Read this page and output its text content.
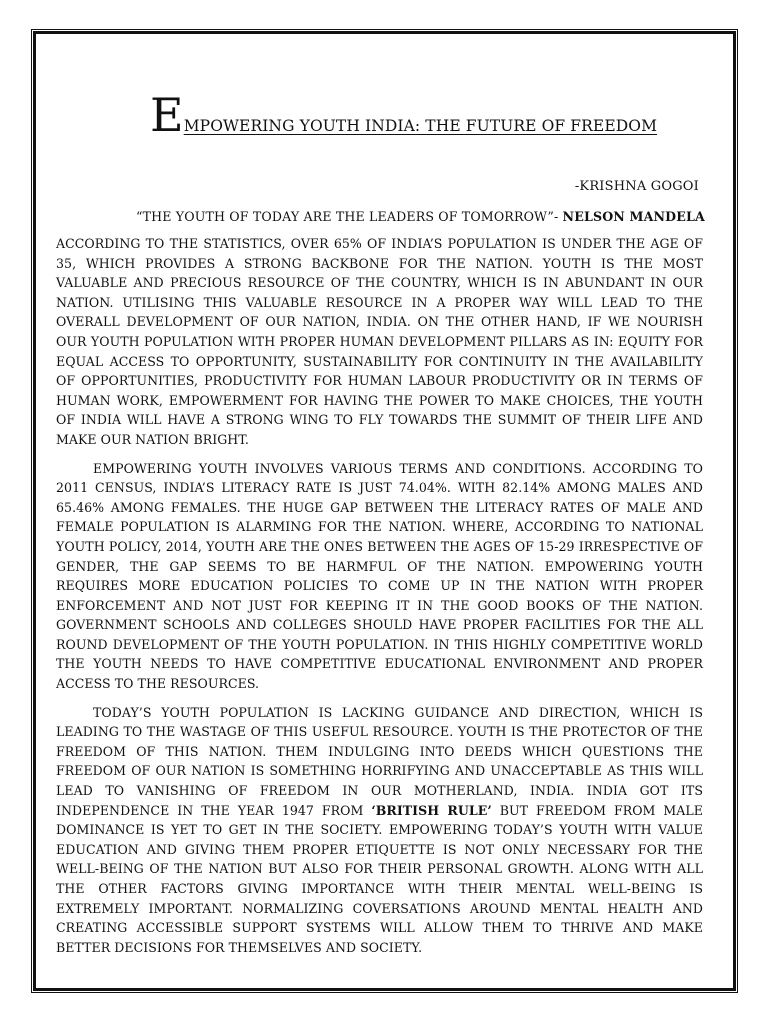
EMPOWERING YOUTH INDIA: THE FUTURE OF FREEDOM
-KRISHNA GOGOI
“THE YOUTH OF TODAY ARE THE LEADERS OF TOMORROW”- NELSON MANDELA

ACCORDING TO THE STATISTICS, OVER 65% OF INDIA’S POPULATION IS UNDER THE AGE OF 35, WHICH PROVIDES A STRONG BACKBONE FOR THE NATION. YOUTH IS THE MOST VALUABLE AND PRECIOUS RESOURCE OF THE COUNTRY, WHICH IS IN ABUNDANT IN OUR NATION. UTILISING THIS VALUABLE RESOURCE IN A PROPER WAY WILL LEAD TO THE OVERALL DEVELOPMENT OF OUR NATION, INDIA. ON THE OTHER HAND, IF WE NOURISH OUR YOUTH POPULATION WITH PROPER HUMAN DEVELOPMENT PILLARS AS IN: EQUITY FOR EQUAL ACCESS TO OPPORTUNITY, SUSTAINABILITY FOR CONTINUITY IN THE AVAILABILITY OF OPPORTUNITIES, PRODUCTIVITY FOR HUMAN LABOUR PRODUCTIVITY OR IN TERMS OF HUMAN WORK, EMPOWERMENT FOR HAVING THE POWER TO MAKE CHOICES, THE YOUTH OF INDIA WILL HAVE A STRONG WING TO FLY TOWARDS THE SUMMIT OF THEIR LIFE AND MAKE OUR NATION BRIGHT.

EMPOWERING YOUTH INVOLVES VARIOUS TERMS AND CONDITIONS. ACCORDING TO 2011 CENSUS, INDIA’S LITERACY RATE IS JUST 74.04%. WITH 82.14% AMONG MALES AND 65.46% AMONG FEMALES. THE HUGE GAP BETWEEN THE LITERACY RATES OF MALE AND FEMALE POPULATION IS ALARMING FOR THE NATION. WHERE, ACCORDING TO NATIONAL YOUTH POLICY, 2014, YOUTH ARE THE ONES BETWEEN THE AGES OF 15-29 IRRESPECTIVE OF GENDER, THE GAP SEEMS TO BE HARMFUL OF THE NATION. EMPOWERING YOUTH REQUIRES MORE EDUCATION POLICIES TO COME UP IN THE NATION WITH PROPER ENFORCEMENT AND NOT JUST FOR KEEPING IT IN THE GOOD BOOKS OF THE NATION. GOVERNMENT SCHOOLS AND COLLEGES SHOULD HAVE PROPER FACILITIES FOR THE ALL ROUND DEVELOPMENT OF THE YOUTH POPULATION. IN THIS HIGHLY COMPETITIVE WORLD THE YOUTH NEEDS TO HAVE COMPETITIVE EDUCATIONAL ENVIRONMENT AND PROPER ACCESS TO THE RESOURCES.

TODAY’S YOUTH POPULATION IS LACKING GUIDANCE AND DIRECTION, WHICH IS LEADING TO THE WASTAGE OF THIS USEFUL RESOURCE. YOUTH IS THE PROTECTOR OF THE FREEDOM OF THIS NATION. THEM INDULGING INTO DEEDS WHICH QUESTIONS THE FREEDOM OF OUR NATION IS SOMETHING HORRIFYING AND UNACCEPTABLE AS THIS WILL LEAD TO VANISHING OF FREEDOM IN OUR MOTHERLAND, INDIA. INDIA GOT ITS INDEPENDENCE IN THE YEAR 1947 FROM ‘BRITISH RULE’ BUT FREEDOM FROM MALE DOMINANCE IS YET TO GET IN THE SOCIETY. EMPOWERING TODAY’S YOUTH WITH VALUE EDUCATION AND GIVING THEM PROPER ETIQUETTE IS NOT ONLY NECESSARY FOR THE WELL-BEING OF THE NATION BUT ALSO FOR THEIR PERSONAL GROWTH. ALONG WITH ALL THE OTHER FACTORS GIVING IMPORTANCE WITH THEIR MENTAL WELL-BEING IS EXTREMELY IMPORTANT. NORMALIZING COVERSATIONS AROUND MENTAL HEALTH AND CREATING ACCESSIBLE SUPPORT SYSTEMS WILL ALLOW THEM TO THRIVE AND MAKE BETTER DECISIONS FOR THEMSELVES AND SOCIETY.
